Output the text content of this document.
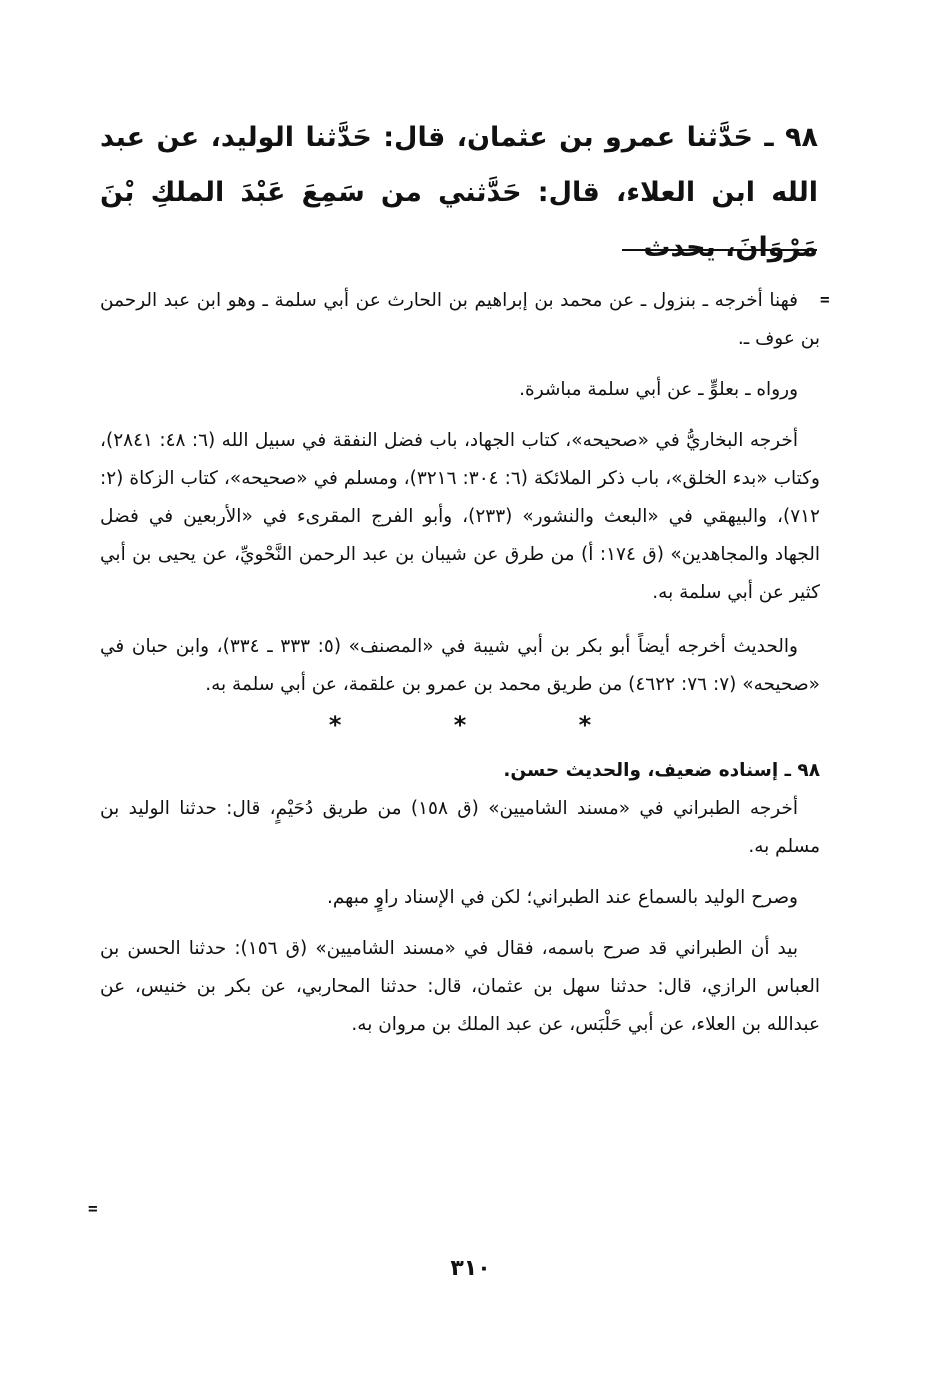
٩٨ ـ حَدَّثنا عمرو بن عثمان، قال: حَدَّثنا الوليد، عن عبد الله ابن العلاء، قال: حَدَّثني من سَمِعَ عَبْدَ الملكِ بْنَ مَرْوَانَ، يحدث

=

فهنا أخرجه ـ بنزول ـ عن محمد بن إبراهيم بن الحارث عن أبي سلمة ـ وهو ابن عبد الرحمن بن عوف ـ.

ورواه ـ بعلوٍّ ـ عن أبي سلمة مباشرة.

أخرجه البخاريُّ في «صحيحه»، كتاب الجهاد، باب فضل النفقة في سبيل الله (٦: ٤٨: ٢٨٤١)، وكتاب «بدء الخلق»، باب ذكر الملائكة (٦: ٣٠٤: ٣٢١٦)، ومسلم في «صحيحه»، كتاب الزكاة (٢: ٧١٢)، والبيهقي في «البعث والنشور» (٢٣٣)، وأبو الفرج المقرىء في «الأربعين في فضل الجهاد والمجاهدين» (ق ١٧٤: أ) من طرق عن شيبان بن عبد الرحمن النَّحْويِّ، عن يحيى بن أبي كثير عن أبي سلمة به.

والحديث أخرجه أيضاً أبو بكر بن أبي شيبة في «المصنف» (٥: ٣٣٣ ـ ٣٣٤)، وابن حبان في «صحيحه» (٧: ٧٦: ٤٦٢٢) من طريق محمد بن عمرو بن علقمة، عن أبي سلمة به.

* * *

٩٨ ـ إسناده ضعيف، والحديث حسن.

أخرجه الطبراني في «مسند الشاميين» (ق ١٥٨) من طريق دُحَيْمٍ، قال: حدثنا الوليد بن مسلم به.

وصرح الوليد بالسماع عند الطبراني؛ لكن في الإسناد راوٍ مبهم.

بيد أن الطبراني قد صرح باسمه، فقال في «مسند الشاميين» (ق ١٥٦): حدثنا الحسن بن العباس الرازي، قال: حدثنا سهل بن عثمان، قال: حدثنا المحاربي، عن بكر بن خنيس، عن عبدالله بن العلاء، عن أبي حَلْبَس، عن عبد الملك بن مروان به.

=

٣١٠
